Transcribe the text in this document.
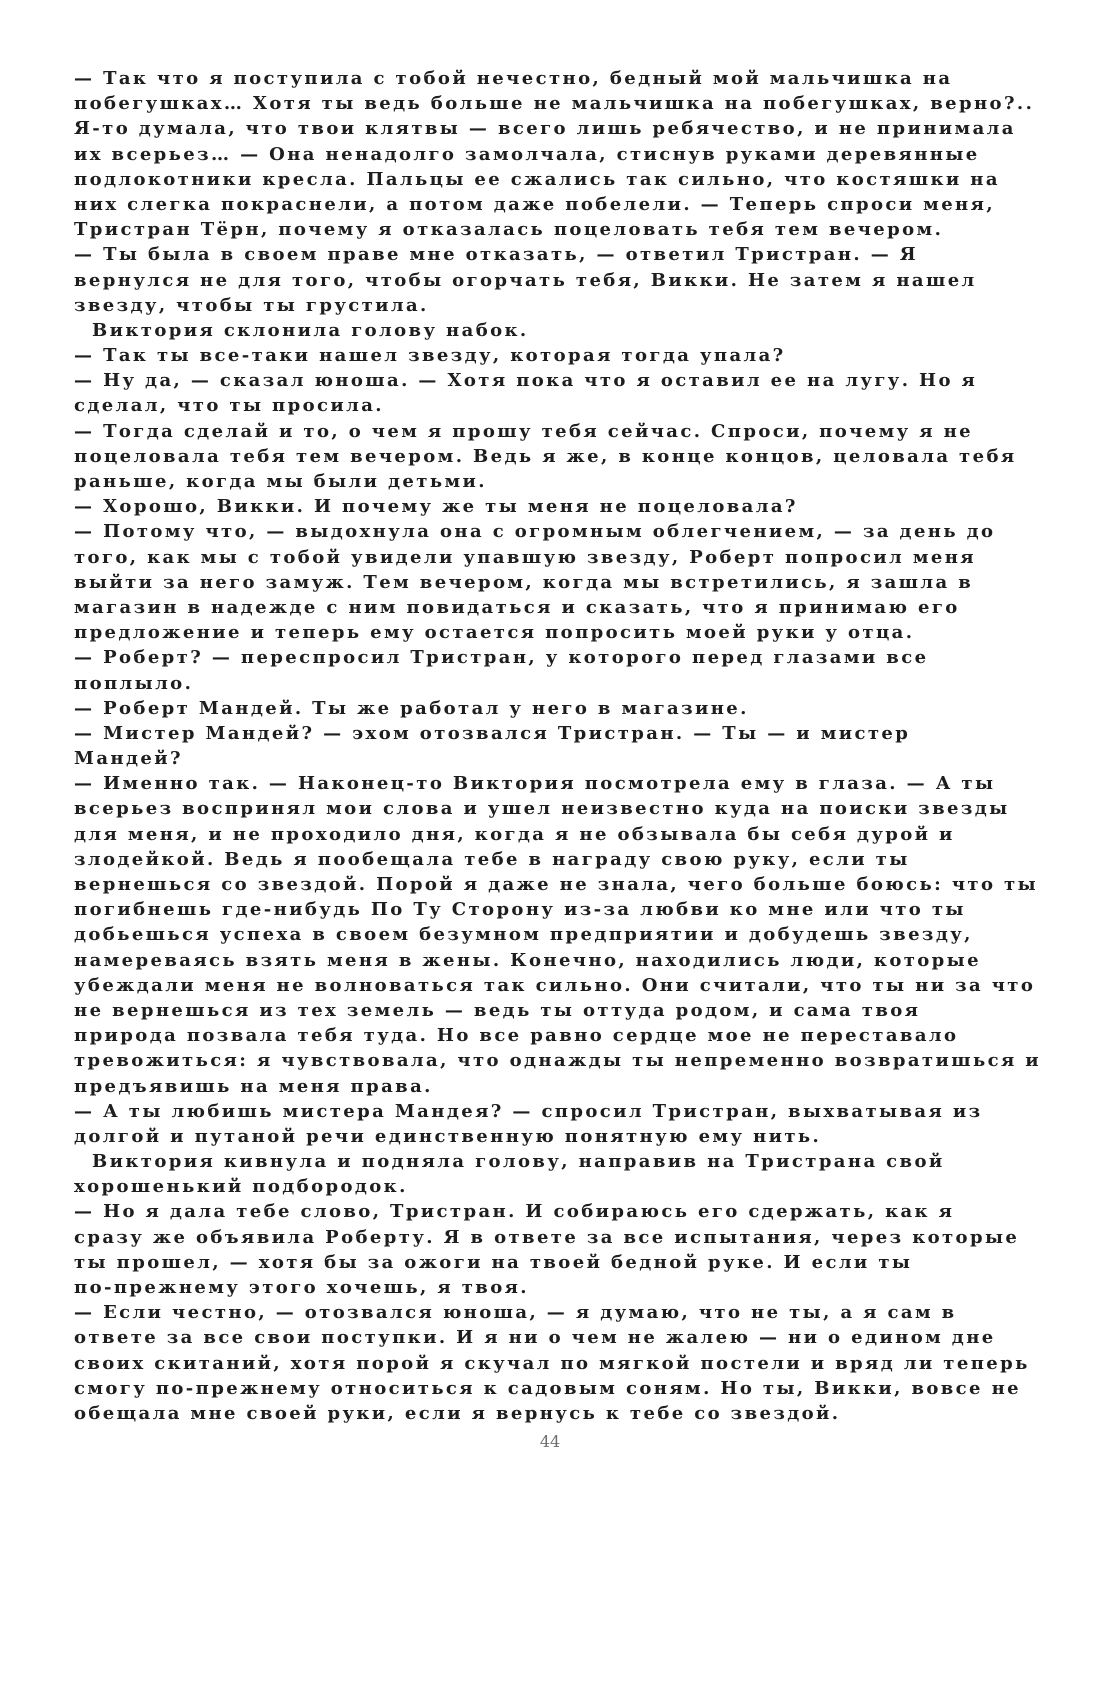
— Так что я поступила с тобой нечестно, бедный мой мальчишка на
побегушках… Хотя ты ведь больше не мальчишка на побегушках, верно?..
Я-то думала, что твои клятвы — всего лишь ребячество, и не принимала
их всерьез… — Она ненадолго замолчала, стиснув руками деревянные
подлокотники кресла. Пальцы ее сжались так сильно, что костяшки на
них слегка покраснели, а потом даже побелели. — Теперь спроси меня,
Тристран Тёрн, почему я отказалась поцеловать тебя тем вечером.
— Ты была в своем праве мне отказать, — ответил Тристран. — Я
вернулся не для того, чтобы огорчать тебя, Викки. Не затем я нашел
звезду, чтобы ты грустила.
Виктория склонила голову набок.
— Так ты все-таки нашел звезду, которая тогда упала?
— Ну да, — сказал юноша. — Хотя пока что я оставил ее на лугу. Но я
сделал, что ты просила.
— Тогда сделай и то, о чем я прошу тебя сейчас. Спроси, почему я не
поцеловала тебя тем вечером. Ведь я же, в конце концов, целовала тебя
раньше, когда мы были детьми.
— Хорошо, Викки. И почему же ты меня не поцеловала?
— Потому что, — выдохнула она с огромным облегчением, — за день до
того, как мы с тобой увидели упавшую звезду, Роберт попросил меня
выйти за него замуж. Тем вечером, когда мы встретились, я зашла в
магазин в надежде с ним повидаться и сказать, что я принимаю его
предложение и теперь ему остается попросить моей руки у отца.
— Роберт? — переспросил Тристран, у которого перед глазами все
поплыло.
— Роберт Мандей. Ты же работал у него в магазине.
— Мистер Мандей? — эхом отозвался Тристран. — Ты — и мистер
Мандей?
— Именно так. — Наконец-то Виктория посмотрела ему в глаза. — А ты
всерьез воспринял мои слова и ушел неизвестно куда на поиски звезды
для меня, и не проходило дня, когда я не обзывала бы себя дурой и
злодейкой. Ведь я пообещала тебе в награду свою руку, если ты
вернешься со звездой. Порой я даже не знала, чего больше боюсь: что ты
погибнешь где-нибудь По Ту Сторону из-за любви ко мне или что ты
добьешься успеха в своем безумном предприятии и добудешь звезду,
намереваясь взять меня в жены. Конечно, находились люди, которые
убеждали меня не волноваться так сильно. Они считали, что ты ни за что
не вернешься из тех земель — ведь ты оттуда родом, и сама твоя
природа позвала тебя туда. Но все равно сердце мое не переставало
тревожиться: я чувствовала, что однажды ты непременно возвратишься и
предъявишь на меня права.
— А ты любишь мистера Мандея? — спросил Тристран, выхватывая из
долгой и путаной речи единственную понятную ему нить.
Виктория кивнула и подняла голову, направив на Тристрана свой
хорошенький подбородок.
— Но я дала тебе слово, Тристран. И собираюсь его сдержать, как я
сразу же объявила Роберту. Я в ответе за все испытания, через которые
ты прошел, — хотя бы за ожоги на твоей бедной руке. И если ты
по-прежнему этого хочешь, я твоя.
— Если честно, — отозвался юноша, — я думаю, что не ты, а я сам в
ответе за все свои поступки. И я ни о чем не жалею — ни о едином дне
своих скитаний, хотя порой я скучал по мягкой постели и вряд ли теперь
смогу по-прежнему относиться к садовым соням. Но ты, Викки, вовсе не
обещала мне своей руки, если я вернусь к тебе со звездой.
44
